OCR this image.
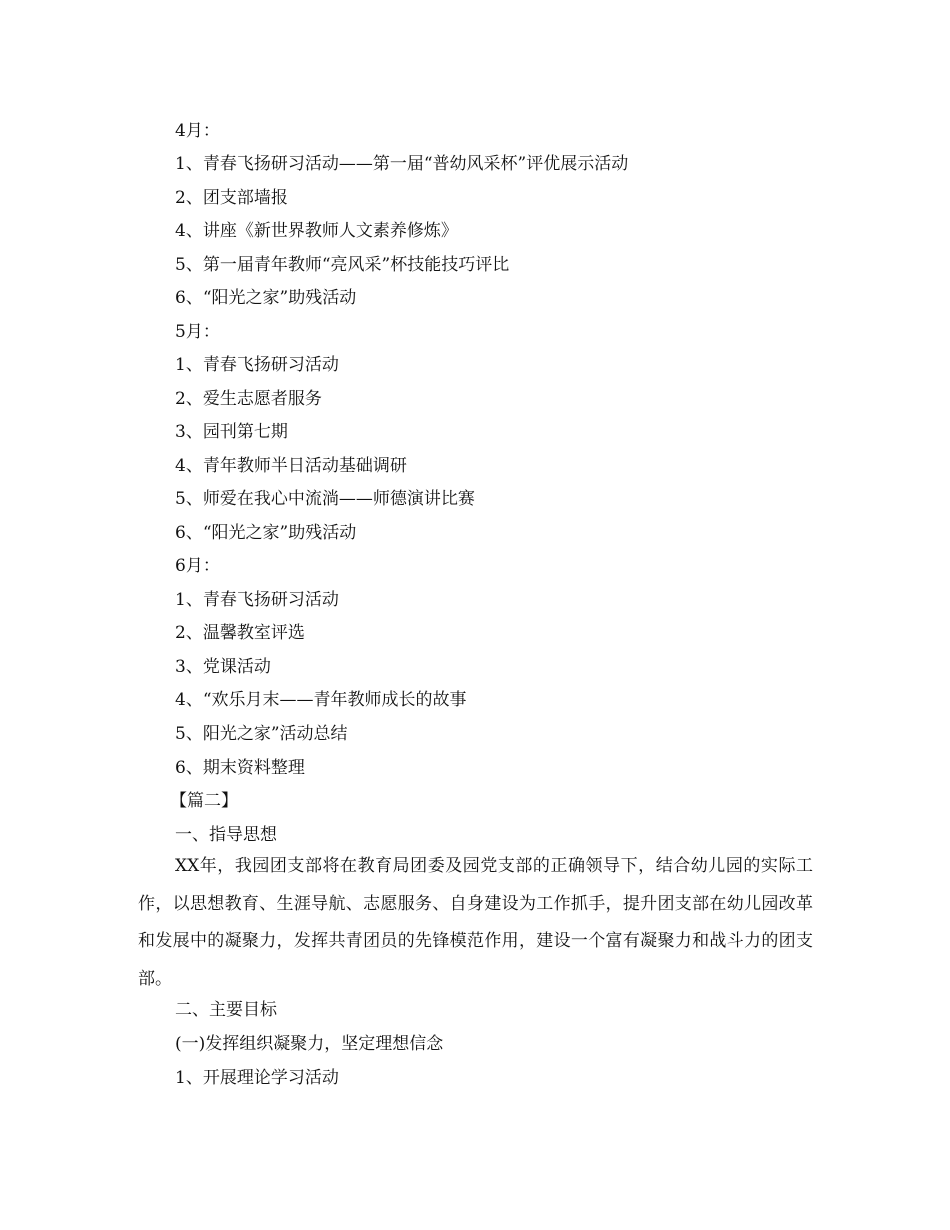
4月：
1、青春飞扬研习活动——第一届“普幼风采杯”评优展示活动
2、团支部墙报
4、讲座《新世界教师人文素养修炼》
5、第一届青年教师“亮风采”杯技能技巧评比
6、“阳光之家”助残活动
5月：
1、青春飞扬研习活动
2、爱生志愿者服务
3、园刊第七期
4、青年教师半日活动基础调研
5、师爱在我心中流淌——师德演讲比赛
6、“阳光之家”助残活动
6月：
1、青春飞扬研习活动
2、温馨教室评选
3、党课活动
4、“欢乐月末——青年教师成长的故事
5、阳光之家”活动总结
6、期末资料整理
【篇二】
一、指导思想
XX年，我园团支部将在教育局团委及园党支部的正确领导下，结合幼儿园的实际工作，以思想教育、生涯导航、志愿服务、自身建设为工作抓手，提升团支部在幼儿园改革和发展中的凝聚力，发挥共青团员的先锋模范作用，建设一个富有凝聚力和战斗力的团支部。
二、主要目标
(一)发挥组织凝聚力，坚定理想信念
1、开展理论学习活动
